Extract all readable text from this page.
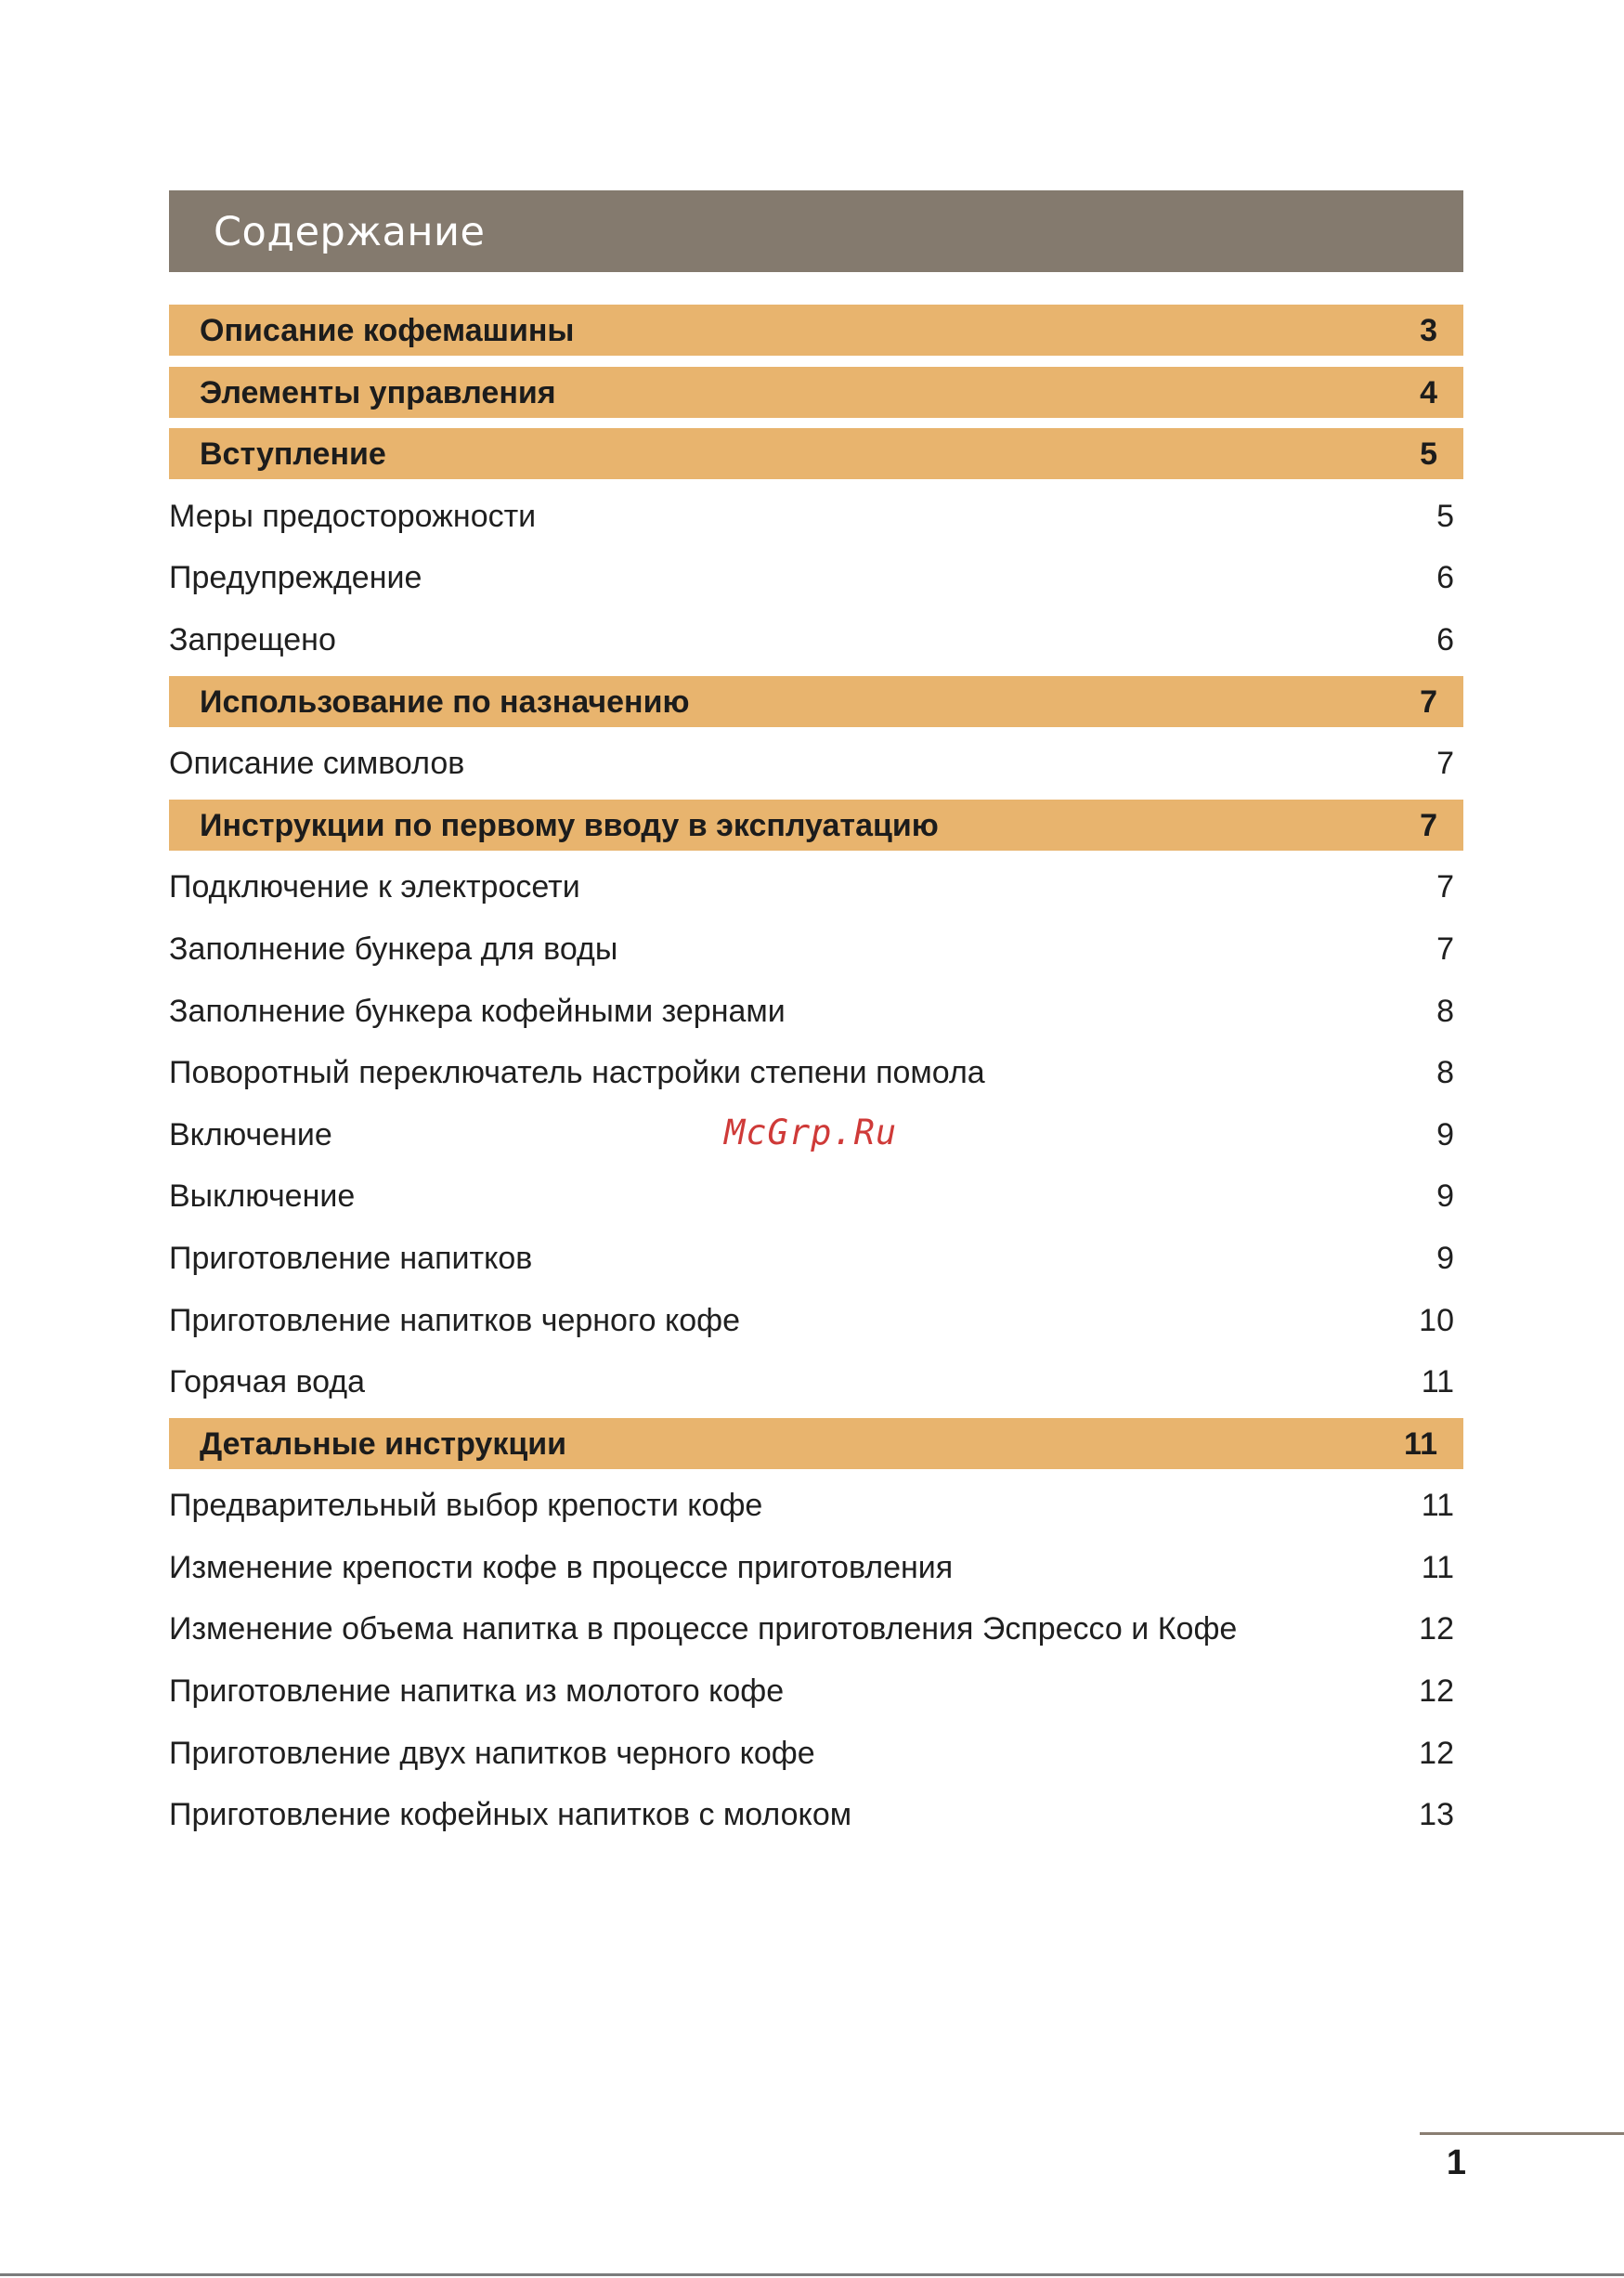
Содержание
Описание кофемашины	3
Элементы управления	4
Вступление	5
Меры предосторожности	5
Предупреждение	6
Запрещено	6
Использование по назначению	7
Описание символов	7
Инструкции по первому вводу в эксплуатацию	7
Подключение к электросети	7
Заполнение бункера для воды	7
Заполнение бункера кофейными зернами	8
Поворотный переключатель настройки степени помола	8
Включение	9
Выключение	9
Приготовление напитков	9
Приготовление напитков черного кофе	10
Горячая вода	11
Детальные инструкции	11
Предварительный выбор крепости кофе	11
Изменение крепости кофе в процессе приготовления	11
Изменение объема напитка в процессе приготовления Эспрессо и Кофе	12
Приготовление напитка из молотого кофе	12
Приготовление двух напитков черного кофе	12
Приготовление кофейных напитков с молоком	13
McGrp.Ru
1
